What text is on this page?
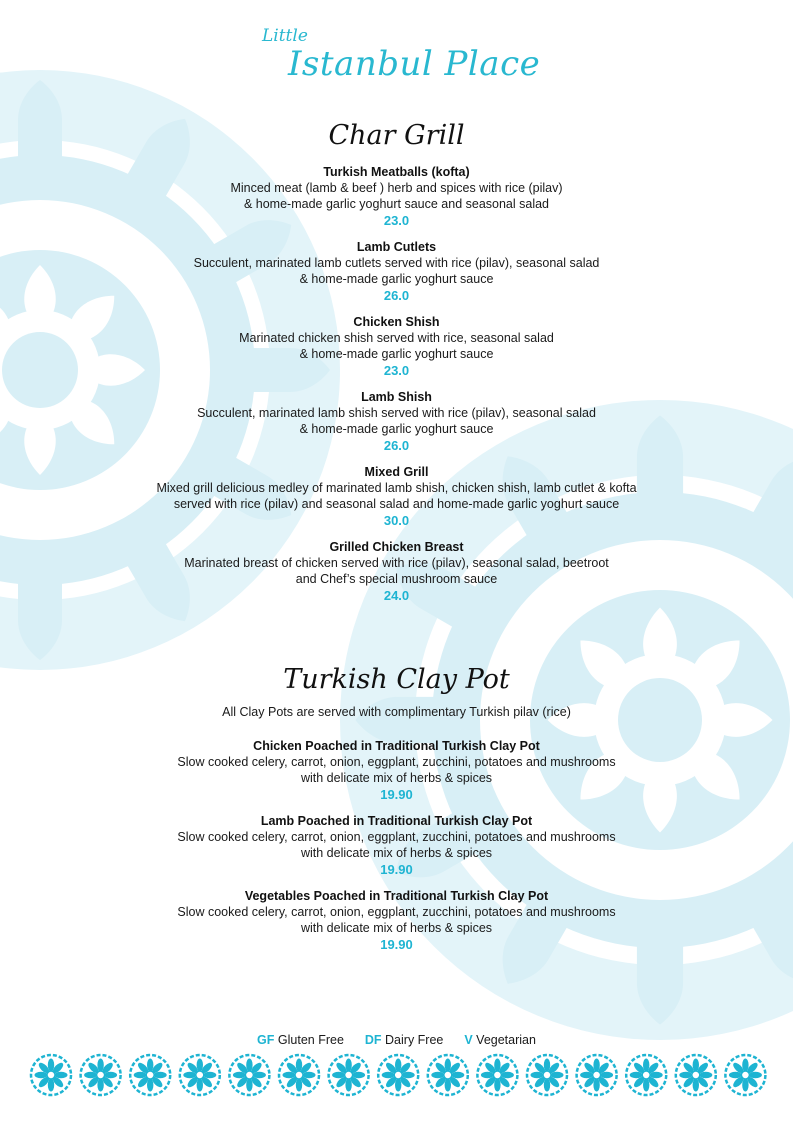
Little
Istanbul Place
Char Grill
Turkish Meatballs (kofta)
Minced meat (lamb & beef ) herb and spices with rice (pilav)
& home-made garlic yoghurt sauce and seasonal salad
23.0
Lamb Cutlets
Succulent, marinated lamb cutlets served with rice (pilav), seasonal salad
& home-made garlic yoghurt sauce
26.0
Chicken Shish
Marinated chicken shish served with rice, seasonal salad
& home-made garlic yoghurt sauce
23.0
Lamb Shish
Succulent, marinated lamb shish served with rice (pilav), seasonal salad
& home-made garlic yoghurt sauce
26.0
Mixed Grill
Mixed grill delicious medley of marinated lamb shish, chicken shish, lamb cutlet & kofta
served with rice (pilav) and seasonal salad and home-made garlic yoghurt sauce
30.0
Grilled Chicken Breast
Marinated breast of chicken served with rice (pilav), seasonal salad, beetroot
and Chef’s special mushroom sauce
24.0
Turkish Clay Pot
All Clay Pots are served with complimentary Turkish pilav (rice)
Chicken Poached in Traditional Turkish Clay Pot
Slow cooked celery, carrot, onion, eggplant, zucchini, potatoes and mushrooms
with delicate mix of herbs & spices
19.90
Lamb Poached in Traditional Turkish Clay Pot
Slow cooked celery, carrot, onion, eggplant, zucchini, potatoes and mushrooms
with delicate mix of herbs & spices
19.90
Vegetables Poached in Traditional Turkish Clay Pot
Slow cooked celery, carrot, onion, eggplant, zucchini, potatoes and mushrooms
with delicate mix of herbs & spices
19.90
GF Gluten Free DF Dairy Free V Vegetarian
